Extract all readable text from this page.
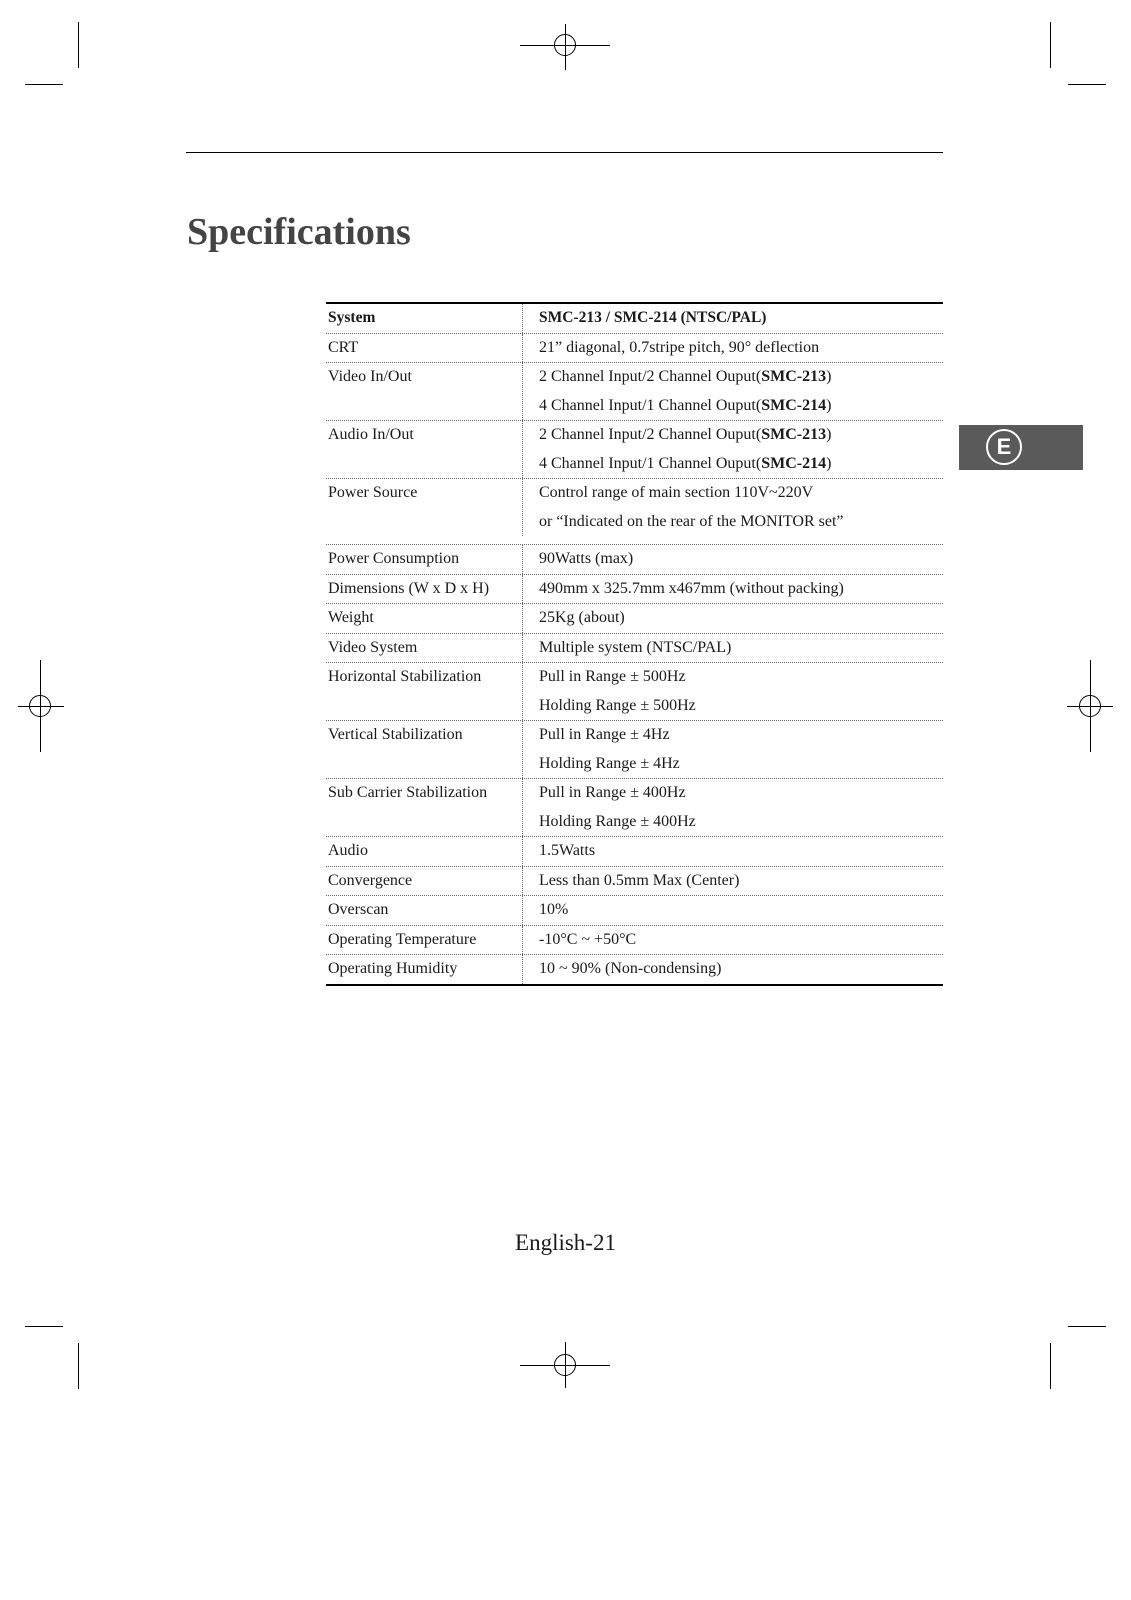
Specifications
E
System	SMC-213 / SMC-214 (NTSC/PAL)
CRT	21” diagonal, 0.7stripe pitch, 90° deflection
Video In/Out	2 Channel Input/2 Channel Ouput(SMC-213)
4 Channel Input/1 Channel Ouput(SMC-214)
Audio In/Out	2 Channel Input/2 Channel Ouput(SMC-213)
4 Channel Input/1 Channel Ouput(SMC-214)
Power Source	Control range of main section 110V~220V
or “Indicated on the rear of the MONITOR set”
Power Consumption	90Watts (max)
Dimensions (W x D x H)	490mm x 325.7mm x467mm (without packing)
Weight	25Kg (about)
Video System	Multiple system (NTSC/PAL)
Horizontal Stabilization	Pull in Range ± 500Hz
Holding Range ± 500Hz
Vertical Stabilization	Pull in Range ± 4Hz
Holding Range ± 4Hz
Sub Carrier Stabilization	Pull in Range ± 400Hz
Holding Range ± 400Hz
Audio	1.5Watts
Convergence	Less than 0.5mm Max (Center)
Overscan	10%
Operating Temperature	-10°C ~ +50°C
Operating Humidity	10 ~ 90% (Non-condensing)
English-21
